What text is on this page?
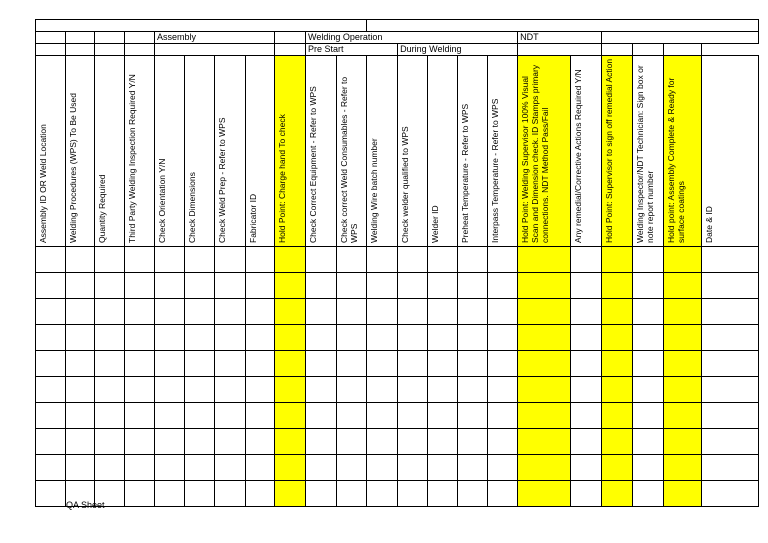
				Assembly					Welding Operation							NDT					
									Pre Start			During Welding									

Assembly ID OR Weld Location	Welding Procedures (WPS) To Be Used	Quantity Required	Third Party Welding Inspection Required Y/N	Check Orientation Y/N	Check Dimensions	Check Weld Prep - Refer to WPS	Fabricator ID	Hold Point: Charge hand To check	Check Correct Equipment - Refer to WPS	Check correct Weld Consumables - Refer to WPS	Welding Wire batch number	Check welder qualified to WPS	Welder ID	Preheat Temperature - Refer to WPS	Interpass Temperature - Refer to WPS	Hold Point: Welding Supervisor 100% Visual Scan and Dimension check. ID Stamps primary connections. NDT Method Pass/Fail	Any remedial/Corrective Actions Required Y/N	Hold Point: Supervisor to sign off remedial Action	Welding Inspector/NDT Technician: Sign box or note report number	Hold point: Assembly Complete & Ready for surface coatings	Date & ID

QA Sheet
